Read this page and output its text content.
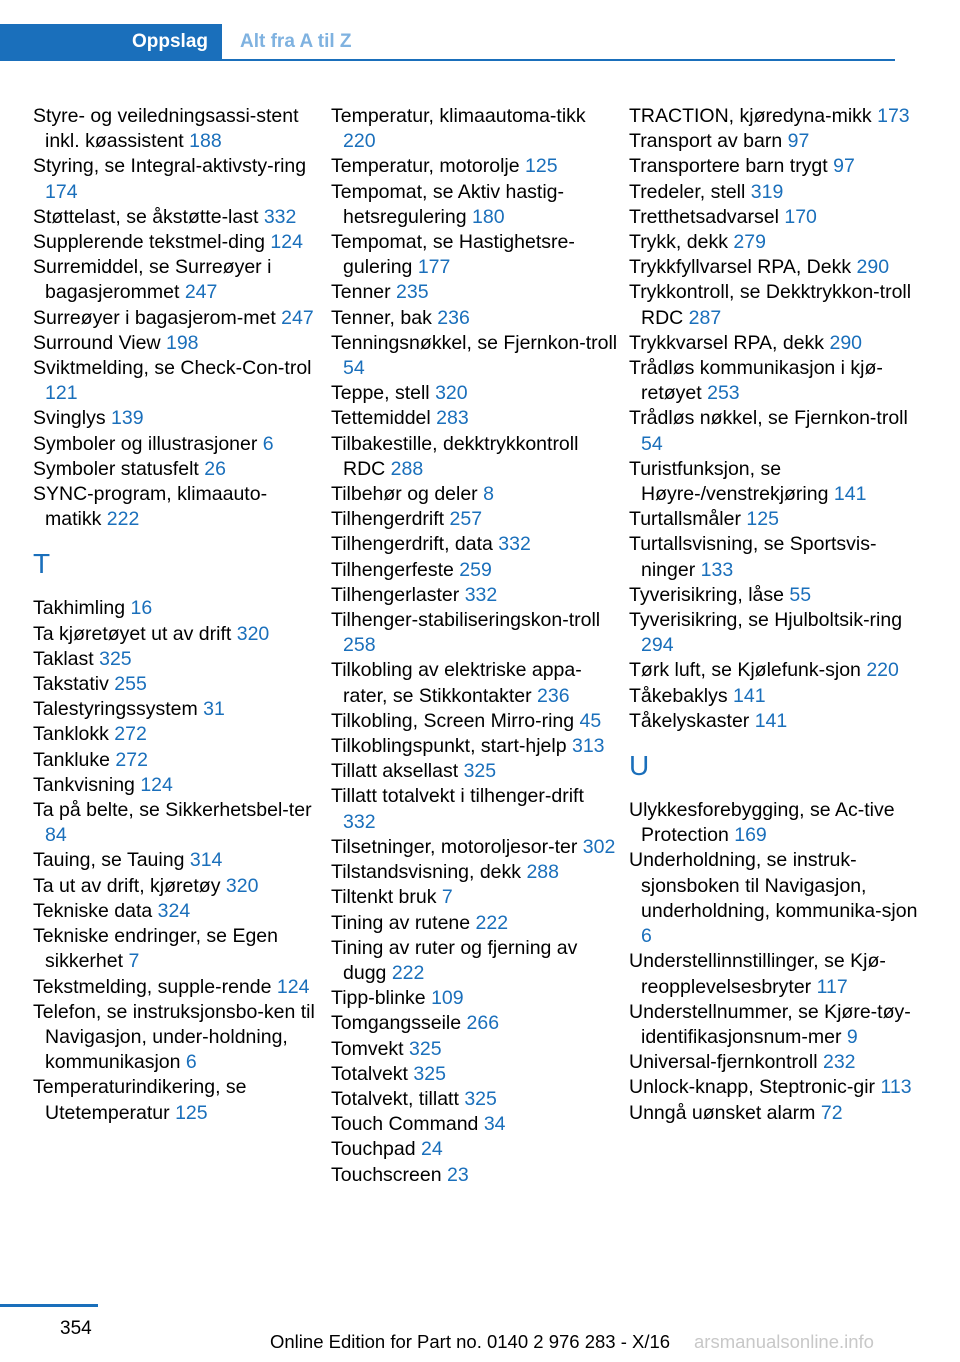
Oppslag	Alt fra A til Z
Styre- og veiledningsassi‐stent inkl. køassistent 188
Styring, se Integral-aktivsty‐ring 174
Støttelast, se åkstøtte‐last 332
Supplerende tekstmel‐ding 124
Surremiddel, se Surreøyer i bagasjerommet 247
Surreøyer i bagasjerom‐met 247
Surround View 198
Sviktmelding, se Check-Con‐trol 121
Svinglys 139
Symboler og illustrasjoner 6
Symboler statusfelt 26
SYNC-program, klimaauto‐matikk 222
T
Takhimling 16
Ta kjøretøyet ut av drift 320
Taklast 325
Takstativ 255
Talestyringssystem 31
Tanklokk 272
Tankluke 272
Tankvisning 124
Ta på belte, se Sikkerhetsbel‐ter 84
Tauing, se Tauing 314
Ta ut av drift, kjøretøy 320
Tekniske data 324
Tekniske endringer, se Egen sikkerhet 7
Tekstmelding, supple‐rende 124
Telefon, se instruksjonsbo‐ken til Navigasjon, under‐holdning, kommunikasjon 6
Temperaturindikering, se Utetemperatur 125
Temperatur, klimaautoma‐tikk 220
Temperatur, motorolje 125
Tempomat, se Aktiv hastig‐hetsregulering 180
Tempomat, se Hastighetsre‐gulering 177
Tenner 235
Tenner, bak 236
Tenningsnøkkel, se Fjernkon‐troll 54
Teppe, stell 320
Tettemiddel 283
Tilbakestille, dekktrykkontroll RDC 288
Tilbehør og deler 8
Tilhengerdrift 257
Tilhengerdrift, data 332
Tilhengerfeste 259
Tilhengerlaster 332
Tilhenger-stabiliseringskon‐troll 258
Tilkobling av elektriske appa‐rater, se Stikkontakter 236
Tilkobling, Screen Mirro‐ring 45
Tilkoblingspunkt, start‐hjelp 313
Tillatt aksellast 325
Tillatt totalvekt i tilhenger‐drift 332
Tilsetninger, motoroljesor‐ter 302
Tilstandsvisning, dekk 288
Tiltenkt bruk 7
Tining av rutene 222
Tining av ruter og fjerning av dugg 222
Tipp-blinke 109
Tomgangsseile 266
Tomvekt 325
Totalvekt 325
Totalvekt, tillatt 325
Touch Command 34
Touchpad 24
Touchscreen 23
TRACTION, kjøredyna‐mikk 173
Transport av barn 97
Transportere barn trygt 97
Tredeler, stell 319
Tretthetsadvarsel 170
Trykk, dekk 279
Trykkfyllvarsel RPA, Dekk 290
Trykkontroll, se Dekktrykkon‐troll RDC 287
Trykkvarsel RPA, dekk 290
Trådløs kommunikasjon i kjø‐retøyet 253
Trådløs nøkkel, se Fjernkon‐troll 54
Turistfunksjon, se Høyre-/venstrekjøring 141
Turtallsmåler 125
Turtallsvisning, se Sportsvis‐ninger 133
Tyverisikring, låse 55
Tyverisikring, se Hjulboltsik‐ring 294
Tørk luft, se Kjølefunk‐sjon 220
Tåkebaklys 141
Tåkelyskaster 141
U
Ulykkesforebygging, se Ac‐tive Protection 169
Underholdning, se instruk‐sjonsboken til Navigasjon, underholdning, kommunika‐sjon 6
Understellinnstillinger, se Kjø‐reopplevelsesbryter 117
Understellnummer, se Kjøre‐tøy-identifikasjonsnum‐mer 9
Universal-fjernkontroll 232
Unlock-knapp, Steptronic-gir 113
Unngå uønsket alarm 72
354
Online Edition for Part no. 0140 2 976 283 - X/16 arsmanualsonline.info
